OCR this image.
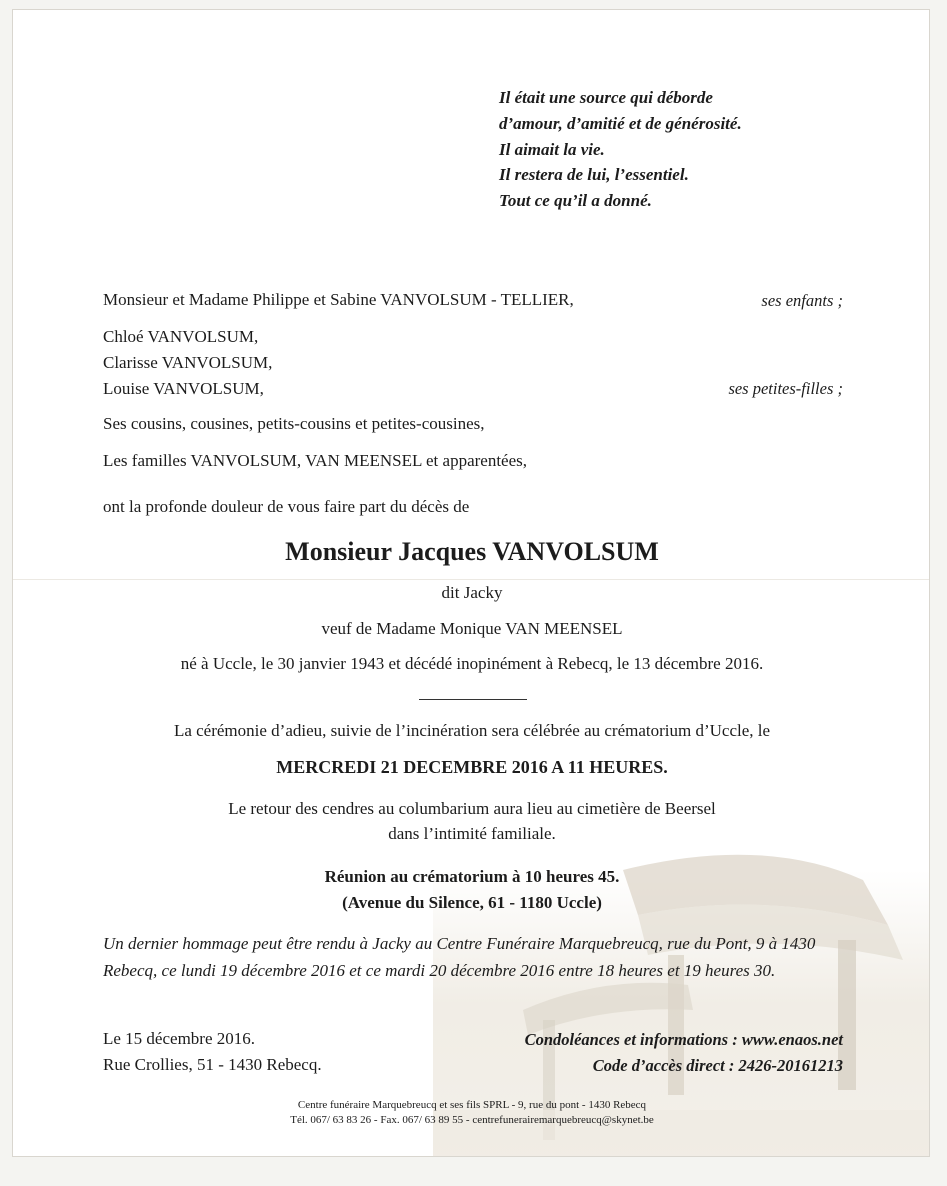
Il était une source qui déborde
d’amour, d’amitié et de générosité.
Il aimait la vie.
Il restera de lui, l’essentiel.
Tout ce qu’il a donné.
Monsieur et Madame Philippe et Sabine VANVOLSUM - TELLIER,	ses enfants ;
Chloé VANVOLSUM,
Clarisse VANVOLSUM,
Louise VANVOLSUM,	ses petites-filles ;
Ses cousins, cousines, petits-cousins et petites-cousines,
Les familles VANVOLSUM, VAN MEENSEL et apparentées,
ont la profonde douleur de vous faire part du décès de
Monsieur Jacques VANVOLSUM
dit Jacky
veuf de Madame Monique VAN MEENSEL
né à Uccle, le 30 janvier 1943 et décédé inopinément à Rebecq, le 13 décembre 2016.
La cérémonie d’adieu, suivie de l’incinération sera célébrée au crématorium d’Uccle, le
MERCREDI 21 DECEMBRE 2016 A 11 HEURES.
Le retour des cendres au columbarium aura lieu au cimetière de Beersel
dans l’intimité familiale.
Réunion au crématorium à 10 heures 45.
(Avenue du Silence, 61 - 1180 Uccle)
Un dernier hommage peut être rendu à Jacky au Centre Funéraire Marquebreucq, rue du Pont, 9 à 1430 Rebecq, ce lundi 19 décembre 2016 et ce mardi 20 décembre 2016 entre 18 heures et 19 heures 30.
Le 15 décembre 2016.
Rue Crollies, 51 - 1430 Rebecq.
Condoléances et informations : www.enaos.net
Code d’accès direct : 2426-20161213
Centre funéraire Marquebreucq et ses fils SPRL - 9, rue du pont - 1430 Rebecq
Tél. 067/ 63 83 26 - Fax. 067/ 63 89 55 - centrefunerairemarquebreucq@skynet.be
